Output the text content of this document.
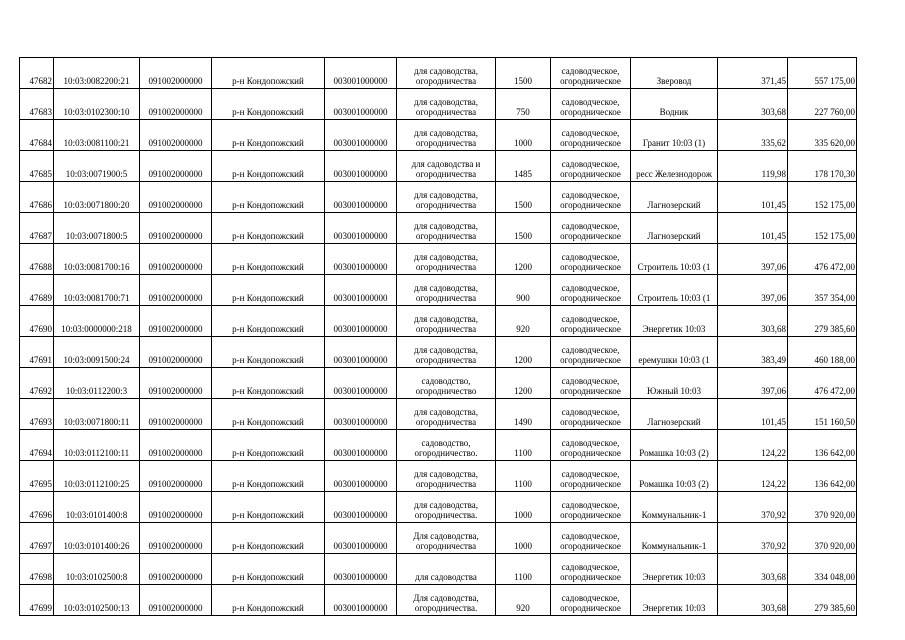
47682	10:03:0082200:21	091002000000	р-н Кондопожский	003001000000	для садоводства,
огородничества	1500	садоводческое,
огородническое	Зверовод	371,45	557 175,00
47683	10:03:0102300:10	091002000000	р-н Кондопожский	003001000000	для садоводства,
огородничества	750	садоводческое,
огородническое	Водник	303,68	227 760,00
47684	10:03:0081100:21	091002000000	р-н Кондопожский	003001000000	для садоводства,
огородничества	1000	садоводческое,
огородническое	Гранит 10:03 (1)	335,62	335 620,00
47685	10:03:0071900:5	091002000000	р-н Кондопожский	003001000000	для садоводства и
огородничества	1485	садоводческое,
огородническое	ресс Железнодорож	119,98	178 170,30
47686	10:03:0071800:20	091002000000	р-н Кондопожский	003001000000	для садоводства,
огородничества	1500	садоводческое,
огородническое	Лагнозерский	101,45	152 175,00
47687	10:03:0071800:5	091002000000	р-н Кондопожский	003001000000	для садоводства,
огородничества	1500	садоводческое,
огородническое	Лагнозерский	101,45	152 175,00
47688	10:03:0081700:16	091002000000	р-н Кондопожский	003001000000	для садоводства,
огородничества	1200	садоводческое,
огородническое	Строитель 10:03 (1	397,06	476 472,00
47689	10:03:0081700:71	091002000000	р-н Кондопожский	003001000000	для садоводства,
огородничества	900	садоводческое,
огородническое	Строитель 10:03 (1	397,06	357 354,00
47690	10:03:0000000:218	091002000000	р-н Кондопожский	003001000000	для садоводства,
огородничества	920	садоводческое,
огородническое	Энергетик 10:03	303,68	279 385,60
47691	10:03:0091500:24	091002000000	р-н Кондопожский	003001000000	для садоводства,
огородничества	1200	садоводческое,
огородническое	еремушки 10:03 (1	383,49	460 188,00
47692	10:03:0112200:3	091002000000	р-н Кондопожский	003001000000	садоводство,
огородничество	1200	садоводческое,
огородническое	Южный 10:03	397,06	476 472,00
47693	10:03:0071800:11	091002000000	р-н Кондопожский	003001000000	для садоводства,
огородничества	1490	садоводческое,
огородническое	Лагнозерский	101,45	151 160,50
47694	10:03:0112100:11	091002000000	р-н Кондопожский	003001000000	садоводство,
огородничество.	1100	садоводческое,
огородническое	Ромашка 10:03 (2)	124,22	136 642,00
47695	10:03:0112100:25	091002000000	р-н Кондопожский	003001000000	для садоводства,
огородничества	1100	садоводческое,
огородническое	Ромашка 10:03 (2)	124,22	136 642,00
47696	10:03:0101400:8	091002000000	р-н Кондопожский	003001000000	для садоводства,
огородничества.	1000	садоводческое,
огородническое	Коммунальник-1	370,92	370 920,00
47697	10:03:0101400:26	091002000000	р-н Кондопожский	003001000000	Для садоводства,
огородничества	1000	садоводческое,
огородническое	Коммунальник-1	370,92	370 920,00
47698	10:03:0102500:8	091002000000	р-н Кондопожский	003001000000	для садоводства	1100	садоводческое,
огородническое	Энергетик 10:03	303,68	334 048,00
47699	10:03:0102500:13	091002000000	р-н Кондопожский	003001000000	Для садоводства,
огородничества.	920	садоводческое,
огородническое	Энергетик 10:03	303,68	279 385,60
